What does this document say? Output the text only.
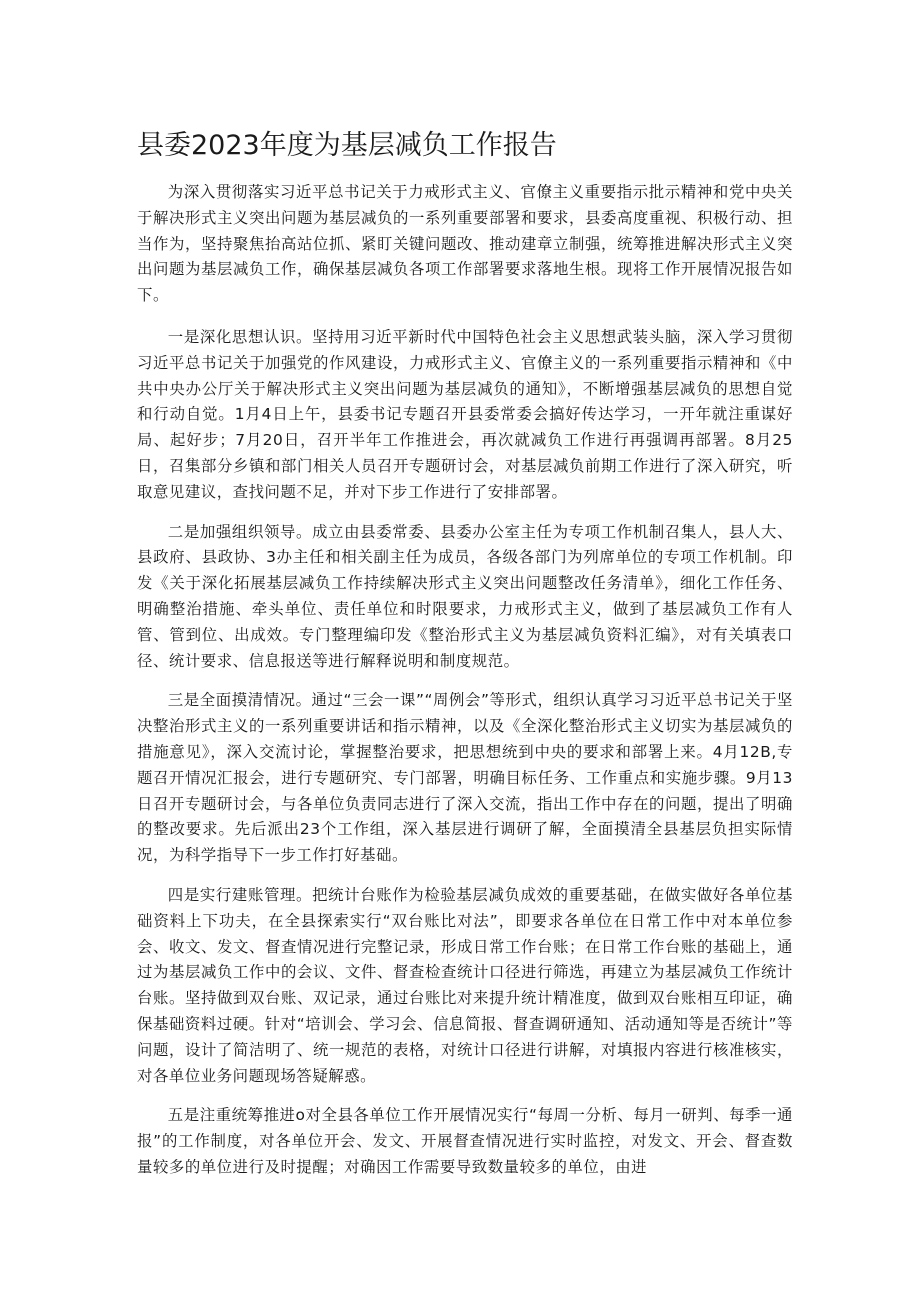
县委2023年度为基层减负工作报告

为深入贯彻落实习近平总书记关于力戒形式主义、官僚主义重要指示批示精神和党中央关于解决形式主义突出问题为基层减负的一系列重要部署和要求，县委高度重视、积极行动、担当作为，坚持聚焦抬高站位抓、紧盯关键问题改、推动建章立制强，统筹推进解决形式主义突出问题为基层减负工作，确保基层减负各项工作部署要求落地生根。现将工作开展情况报告如下。

一是深化思想认识。坚持用习近平新时代中国特色社会主义思想武装头脑，深入学习贯彻习近平总书记关于加强党的作风建设，力戒形式主义、官僚主义的一系列重要指示精神和《中共中央办公厅关于解决形式主义突出问题为基层减负的通知》，不断增强基层减负的思想自觉和行动自觉。1月4日上午，县委书记专题召开县委常委会搞好传达学习，一开年就注重谋好局、起好步；7月20日，召开半年工作推进会，再次就减负工作进行再强调再部署。8月25日，召集部分乡镇和部门相关人员召开专题研讨会，对基层减负前期工作进行了深入研究，听取意见建议，查找问题不足，并对下步工作进行了安排部署。

二是加强组织领导。成立由县委常委、县委办公室主任为专项工作机制召集人，县人大、县政府、县政协、3办主任和相关副主任为成员，各级各部门为列席单位的专项工作机制。印发《关于深化拓展基层减负工作持续解决形式主义突出问题整改任务清单》，细化工作任务、明确整治措施、牵头单位、责任单位和时限要求，力戒形式主义，做到了基层减负工作有人管、管到位、出成效。专门整理编印发《整治形式主义为基层减负资料汇编》，对有关填表口径、统计要求、信息报送等进行解释说明和制度规范。

三是全面摸清情况。通过“三会一课”“周例会”等形式，组织认真学习习近平总书记关于坚决整治形式主义的一系列重要讲话和指示精神，以及《全深化整治形式主义切实为基层减负的措施意见》，深入交流讨论，掌握整治要求，把思想统到中央的要求和部署上来。4月12B,专题召开情况汇报会，进行专题研究、专门部署，明确目标任务、工作重点和实施步骤。9月13日召开专题研讨会，与各单位负责同志进行了深入交流，指出工作中存在的问题，提出了明确的整改要求。先后派出23个工作组，深入基层进行调研了解，全面摸清全县基层负担实际情况，为科学指导下一步工作打好基础。

四是实行建账管理。把统计台账作为检验基层减负成效的重要基础，在做实做好各单位基础资料上下功夫，在全县探索实行“双台账比对法”，即要求各单位在日常工作中对本单位参会、收文、发文、督查情况进行完整记录，形成日常工作台账；在日常工作台账的基础上，通过为基层减负工作中的会议、文件、督查检查统计口径进行筛选，再建立为基层减负工作统计台账。坚持做到双台账、双记录，通过台账比对来提升统计精准度，做到双台账相互印证，确保基础资料过硬。针对“培训会、学习会、信息简报、督查调研通知、活动通知等是否统计”等问题，设计了简洁明了、统一规范的表格，对统计口径进行讲解，对填报内容进行核准核实，对各单位业务问题现场答疑解惑。

五是注重统筹推进o对全县各单位工作开展情况实行“每周一分析、每月一研判、每季一通报”的工作制度，对各单位开会、发文、开展督查情况进行实时监控，对发文、开会、督查数量较多的单位进行及时提醒；对确因工作需要导致数量较多的单位，由进
